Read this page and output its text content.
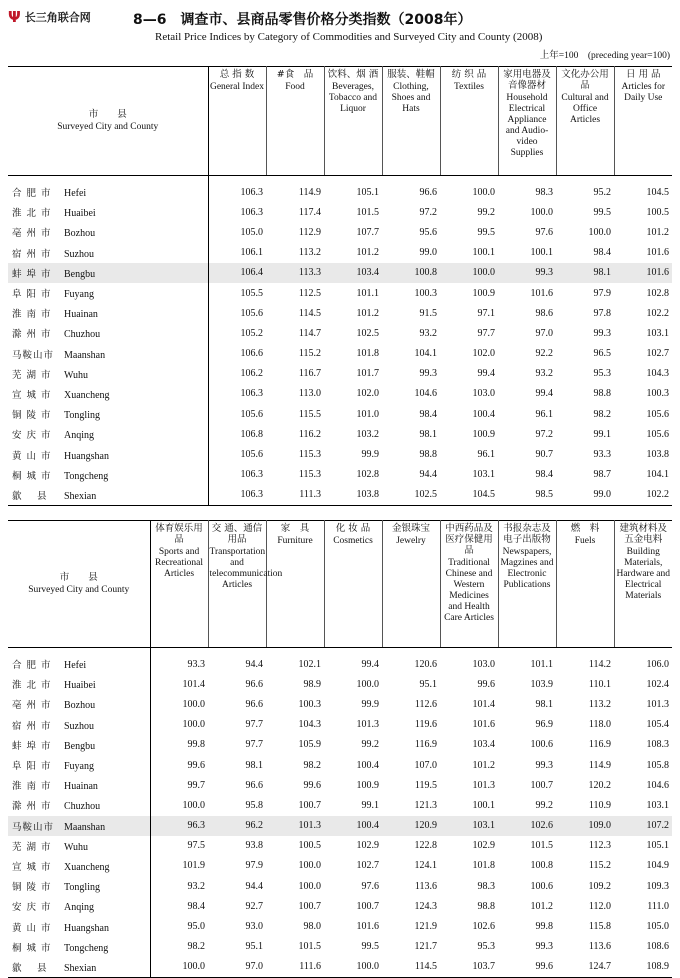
Ψ 长三角联合网	8—6　调查市、县商品零售价格分类指数（2008年）
Retail Price Indices by Category of Commodities and Surveyed City and County (2008)
上年=100　(preceding year=100)
市　　县
Surveyed City and County	总 指 数
General Index	#食　品
Food	饮料、烟 酒
Beverages, Tobacco and Liquor	服装、鞋帽
Clothing, Shoes and Hats	纺 织 品
Textiles	家用电器及音像器材
Household Electrical Appliance and Audio-video Supplies	文化办公用　品
Cultural and Office Articles	日 用 品
Articles for Daily Use

合 肥 市 Hefei	106.3	114.9	105.1	96.6	100.0	98.3	95.2	104.5
淮 北 市 Huaibei	106.3	117.4	101.5	97.2	99.2	100.0	99.5	100.5
亳 州 市 Bozhou	105.0	112.9	107.7	95.6	99.5	97.6	100.0	101.2
宿 州 市 Suzhou	106.1	113.2	101.2	99.0	100.1	100.1	98.4	101.6
蚌 埠 市 Bengbu	106.4	113.3	103.4	100.8	100.0	99.3	98.1	101.6
阜 阳 市 Fuyang	105.5	112.5	101.1	100.3	100.9	101.6	97.9	102.8
淮 南 市 Huainan	105.6	114.5	101.2	91.5	97.1	98.6	97.8	102.2
滁 州 市 Chuzhou	105.2	114.7	102.5	93.2	97.7	97.0	99.3	103.1
马鞍山市 Maanshan	106.6	115.2	101.8	104.1	102.0	92.2	96.5	102.7
芜 湖 市 Wuhu	106.2	116.7	101.7	99.3	99.4	93.2	95.3	104.3
宣 城 市 Xuancheng	106.3	113.0	102.0	104.6	103.0	99.4	98.8	100.3
铜 陵 市 Tongling	105.6	115.5	101.0	98.4	100.4	96.1	98.2	105.6
安 庆 市 Anqing	106.8	116.2	103.2	98.1	100.9	97.2	99.1	105.6
黄 山 市 Huangshan	105.6	115.3	99.9	98.8	96.1	90.7	93.3	103.8
桐 城 市 Tongcheng	106.3	115.3	102.8	94.4	103.1	98.4	98.7	104.1
歙　 县 Shexian	106.3	111.3	103.8	102.5	104.5	98.5	99.0	102.2
市　　县
Surveyed City and County	体育娱乐用　品
Sports and Recreational Articles	交 通、通信用品
Transportation and telecommunication Articles	家　具
Furniture	化 妆 品
Cosmetics	金银珠宝
Jewelry	中西药品及医疗保健用品
Traditional Chinese and Western Medicines and Health Care Articles	书报杂志及电子出版物
Newspapers, Magzines and Electronic Publications	燃　料
Fuels	建筑材料及五金电料
Building Materials, Hardware and Electrical Materials

合 肥 市 Hefei	93.3	94.4	102.1	99.4	120.6	103.0	101.1	114.2	106.0
淮 北 市 Huaibei	101.4	96.6	98.9	100.0	95.1	99.6	103.9	110.1	102.4
亳 州 市 Bozhou	100.0	96.6	100.3	99.9	112.6	101.4	98.1	113.2	101.3
宿 州 市 Suzhou	100.0	97.7	104.3	101.3	119.6	101.6	96.9	118.0	105.4
蚌 埠 市 Bengbu	99.8	97.7	105.9	99.2	116.9	103.4	100.6	116.9	108.3
阜 阳 市 Fuyang	99.6	98.1	98.2	100.4	107.0	101.2	99.3	114.9	105.8
淮 南 市 Huainan	99.7	96.6	99.6	100.9	119.5	101.3	100.7	120.2	104.6
滁 州 市 Chuzhou	100.0	95.8	100.7	99.1	121.3	100.1	99.2	110.9	103.1
马鞍山市 Maanshan	96.3	96.2	101.3	100.4	120.9	103.1	102.6	109.0	107.2
芜 湖 市 Wuhu	97.5	93.8	100.5	102.9	122.8	102.9	101.5	112.3	105.1
宣 城 市 Xuancheng	101.9	97.9	100.0	102.7	124.1	101.8	100.8	115.2	104.9
铜 陵 市 Tongling	93.2	94.4	100.0	97.6	113.6	98.3	100.6	109.2	109.3
安 庆 市 Anqing	98.4	92.7	100.7	100.7	124.3	98.8	101.2	112.0	111.0
黄 山 市 Huangshan	95.0	93.0	98.0	101.6	121.9	102.6	99.8	115.8	105.0
桐 城 市 Tongcheng	98.2	95.1	101.5	99.5	121.7	95.3	99.3	113.6	108.6
歙　 县 Shexian	100.0	97.0	111.6	100.0	114.5	103.7	99.6	124.7	108.9
